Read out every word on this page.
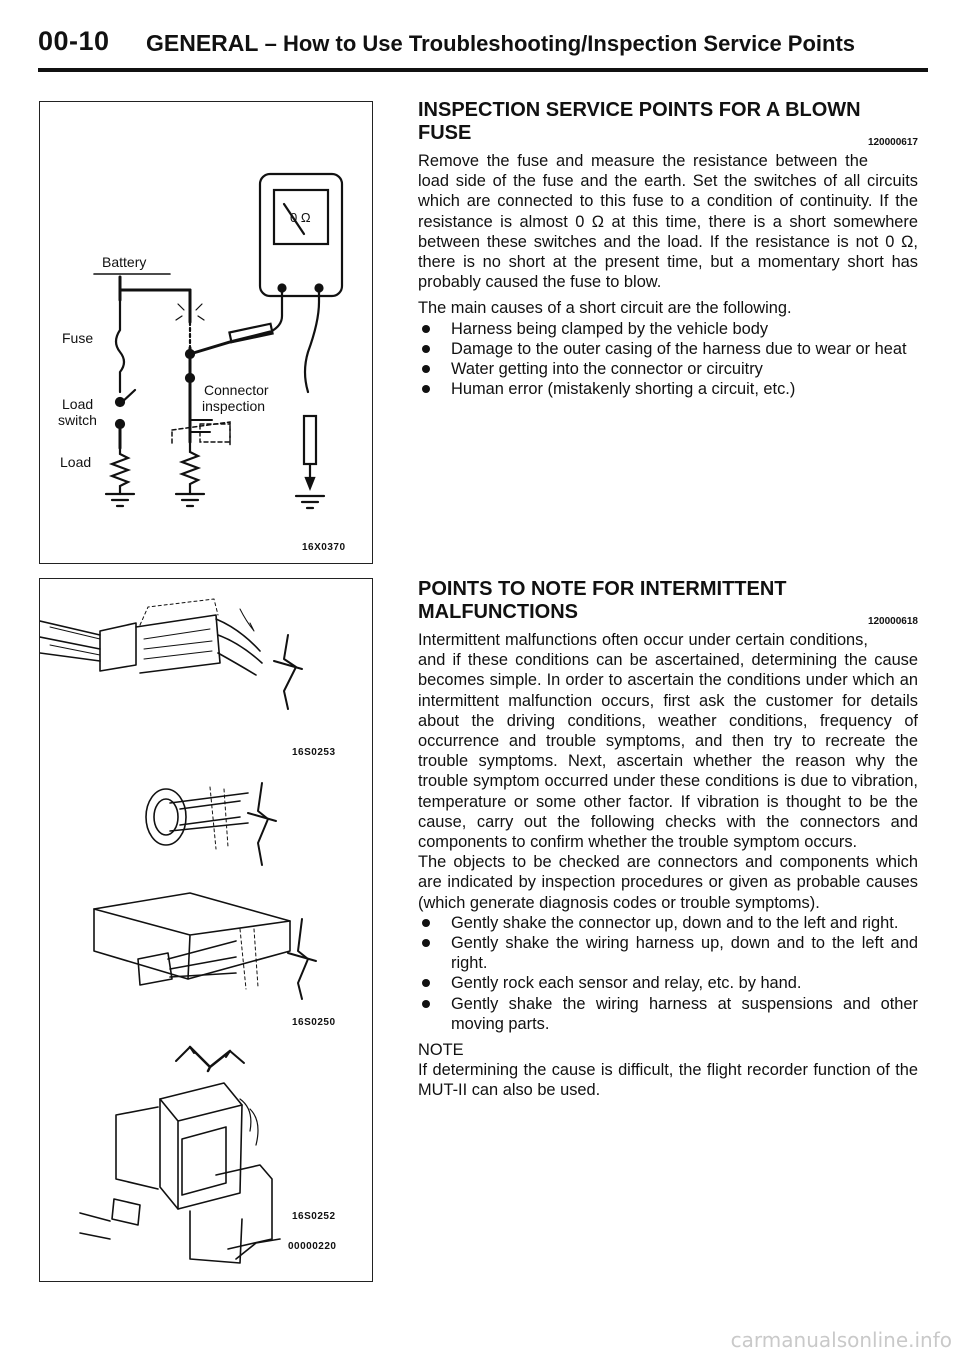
00-10 GENERAL – How to Use Troubleshooting/Inspection Service Points
0 Ω
Battery
Fuse
Load
switch
Load
Connector
inspection
16X0370
16S0253
16S0250
16S0252
00000220
INSPECTION SERVICE POINTS FOR A BLOWN
FUSE	120000617

Remove the fuse and measure the resistance between the load side of the fuse and the earth. Set the switches of all circuits which are connected to this fuse to a condition of continuity. If the resistance is almost 0 Ω at this time, there is a short somewhere between these switches and the load. If the resistance is not 0 Ω, there is no short at the present time, but a momentary short has probably caused the fuse to blow.

The main causes of a short circuit are the following.

Harness being clamped by the vehicle body
Damage to the outer casing of the harness due to wear or heat
Water getting into the connector or circuitry
Human error (mistakenly shorting a circuit, etc.)
POINTS TO NOTE FOR INTERMITTENT
MALFUNCTIONS	120000618

Intermittent malfunctions often occur under certain conditions, and if these conditions can be ascertained, determining the cause becomes simple. In order to ascertain the conditions under which an intermittent malfunction occurs, first ask the customer for details about the driving conditions, weather conditions, frequency of occurrence and trouble symptoms, and then try to recreate the trouble symptoms. Next, ascertain whether the reason why the trouble symptom occurred under these conditions is due to vibration, temperature or some other factor. If vibration is thought to be the cause, carry out the following checks with the connectors and components to confirm whether the trouble symptom occurs.

The objects to be checked are connectors and components which are indicated by inspection procedures or given as probable causes (which generate diagnosis codes or trouble symptoms).

Gently shake the connector up, down and to the left and right.
Gently shake the wiring harness up, down and to the left and right.
Gently rock each sensor and relay, etc. by hand.
Gently shake the wiring harness at suspensions and other moving parts.

NOTE

If determining the cause is difficult, the flight recorder function of the MUT-II can also be used.

carmanualsonline.info
